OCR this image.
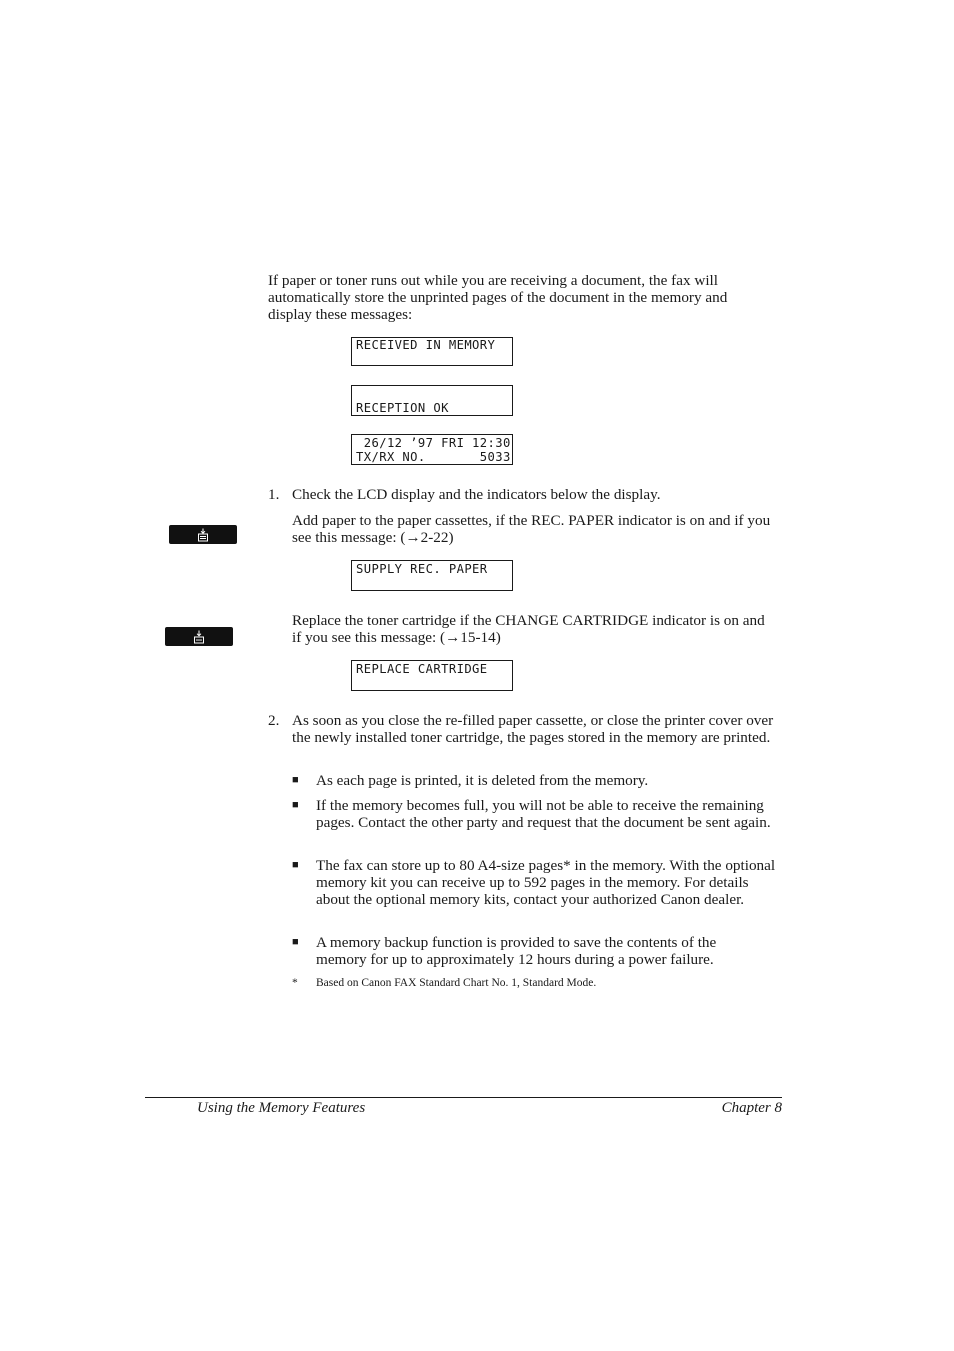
If paper or toner runs out while you are receiving a document, the fax will automatically store the unprinted pages of the document in the memory and display these messages:

RECEIVED IN MEMORY

RECEPTION OK

26/12 ’97 FRI 12:30

TX/RX NO.       5033

1. Check the LCD display and the indicators below the display.

Add paper to the paper cassettes, if the REC. PAPER indicator is on and if you see this message: (→2-22)

SUPPLY REC. PAPER

Replace the toner cartridge if the CHANGE CARTRIDGE indicator is on and if you see this message: (→15-14)

REPLACE CARTRIDGE

2. As soon as you close the re-filled paper cassette, or close the printer cover over the newly installed toner cartridge, the pages stored in the memory are printed.

■ As each page is printed, it is deleted from the memory.

■ If the memory becomes full, you will not be able to receive the remaining pages. Contact the other party and request that the document be sent again.

■ The fax can store up to 80 A4-size pages* in the memory. With the optional memory kit you can receive up to 592 pages in the memory. For details about the optional memory kits, contact your authorized Canon dealer.

■ A memory backup function is provided to save the contents of the memory for up to approximately 12 hours during a power failure.

* Based on Canon FAX Standard Chart No. 1, Standard Mode.
Using the Memory Features	Chapter 8
